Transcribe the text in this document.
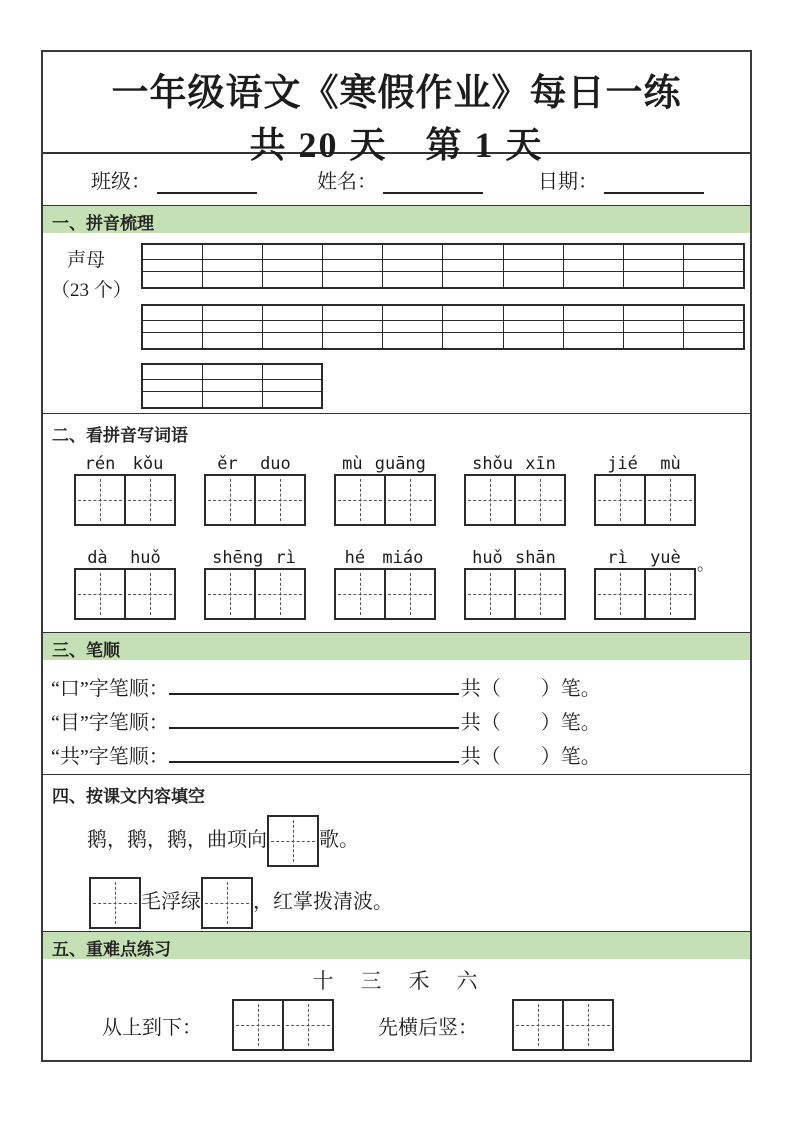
一年级语文《寒假作业》每日一练
共 20 天　第 1 天
班级：	姓名：	日期：
一、拼音梳理
声母
（23 个）

二、看拼音写词语
rén kǒu	ěr duo	mù guāng	shǒu xīn	jié mù
dà huǒ	shēng rì	hé miáo	huǒ shān	rì yuè 。
三、笔顺
“口”字笔顺：	共（　　）笔。
“目”字笔顺：	共（　　）笔。
“共”字笔顺：	共（　　）笔。
四、按课文内容填空
鹅，鹅，鹅，曲项向	歌。
毛浮绿	，红掌拨清波。
五、重难点练习
十　三　禾　六
从上到下：	先横后竖：
